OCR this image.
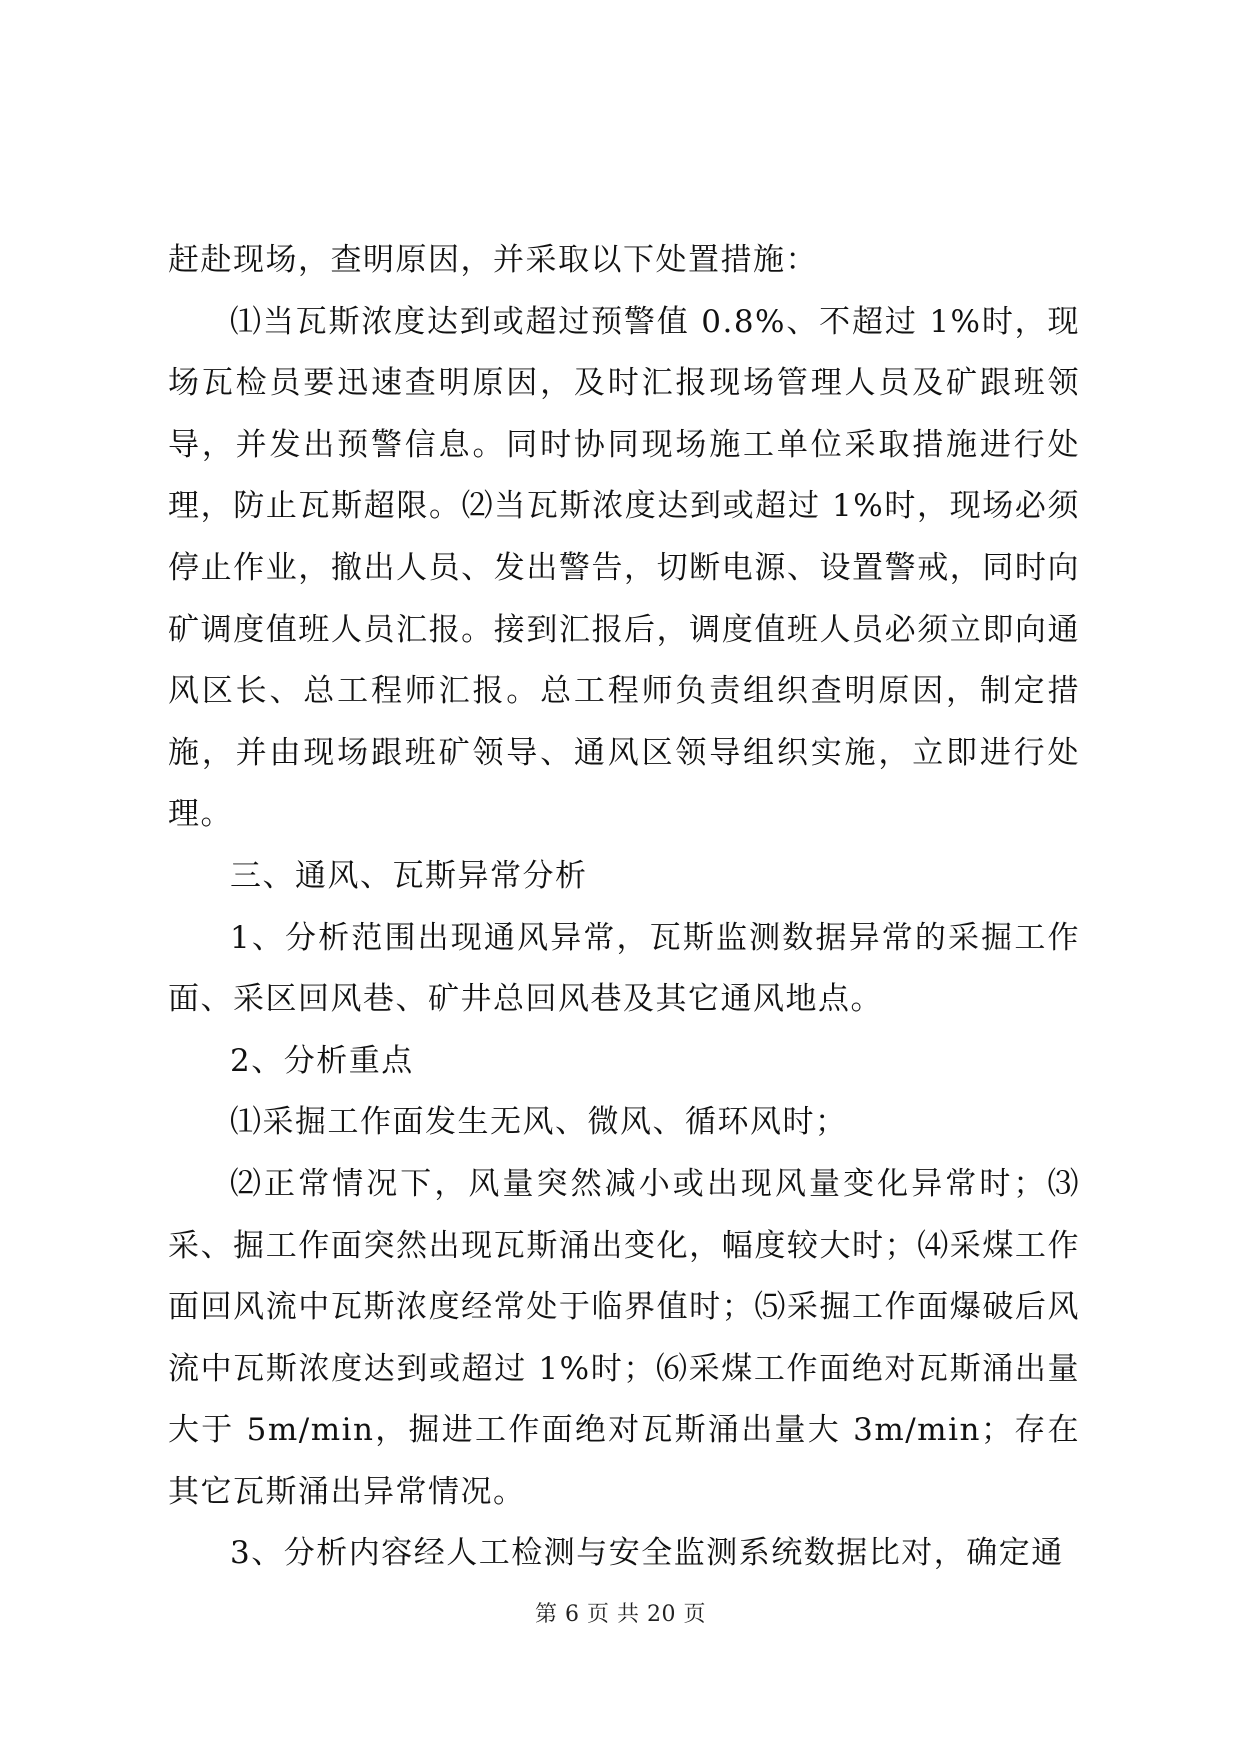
赶赴现场，查明原因，并采取以下处置措施：

⑴当瓦斯浓度达到或超过预警值 0.8%、不超过 1%时，现场瓦检员要迅速查明原因，及时汇报现场管理人员及矿跟班领导，并发出预警信息。同时协同现场施工单位采取措施进行处理，防止瓦斯超限。⑵当瓦斯浓度达到或超过 1%时，现场必须停止作业，撤出人员、发出警告，切断电源、设置警戒，同时向矿调度值班人员汇报。接到汇报后，调度值班人员必须立即向通风区长、总工程师汇报。总工程师负责组织查明原因，制定措施，并由现场跟班矿领导、通风区领导组织实施，立即进行处理。

三、通风、瓦斯异常分析

1、分析范围出现通风异常，瓦斯监测数据异常的采掘工作面、采区回风巷、矿井总回风巷及其它通风地点。

2、分析重点

⑴采掘工作面发生无风、微风、循环风时；

⑵正常情况下，风量突然减小或出现风量变化异常时；⑶采、掘工作面突然出现瓦斯涌出变化，幅度较大时；⑷采煤工作面回风流中瓦斯浓度经常处于临界值时；⑸采掘工作面爆破后风流中瓦斯浓度达到或超过 1%时；⑹采煤工作面绝对瓦斯涌出量大于 5m/min，掘进工作面绝对瓦斯涌出量大 3m/min；存在其它瓦斯涌出异常情况。

3、分析内容经人工检测与安全监测系统数据比对，确定通

第 6 页 共 20 页
